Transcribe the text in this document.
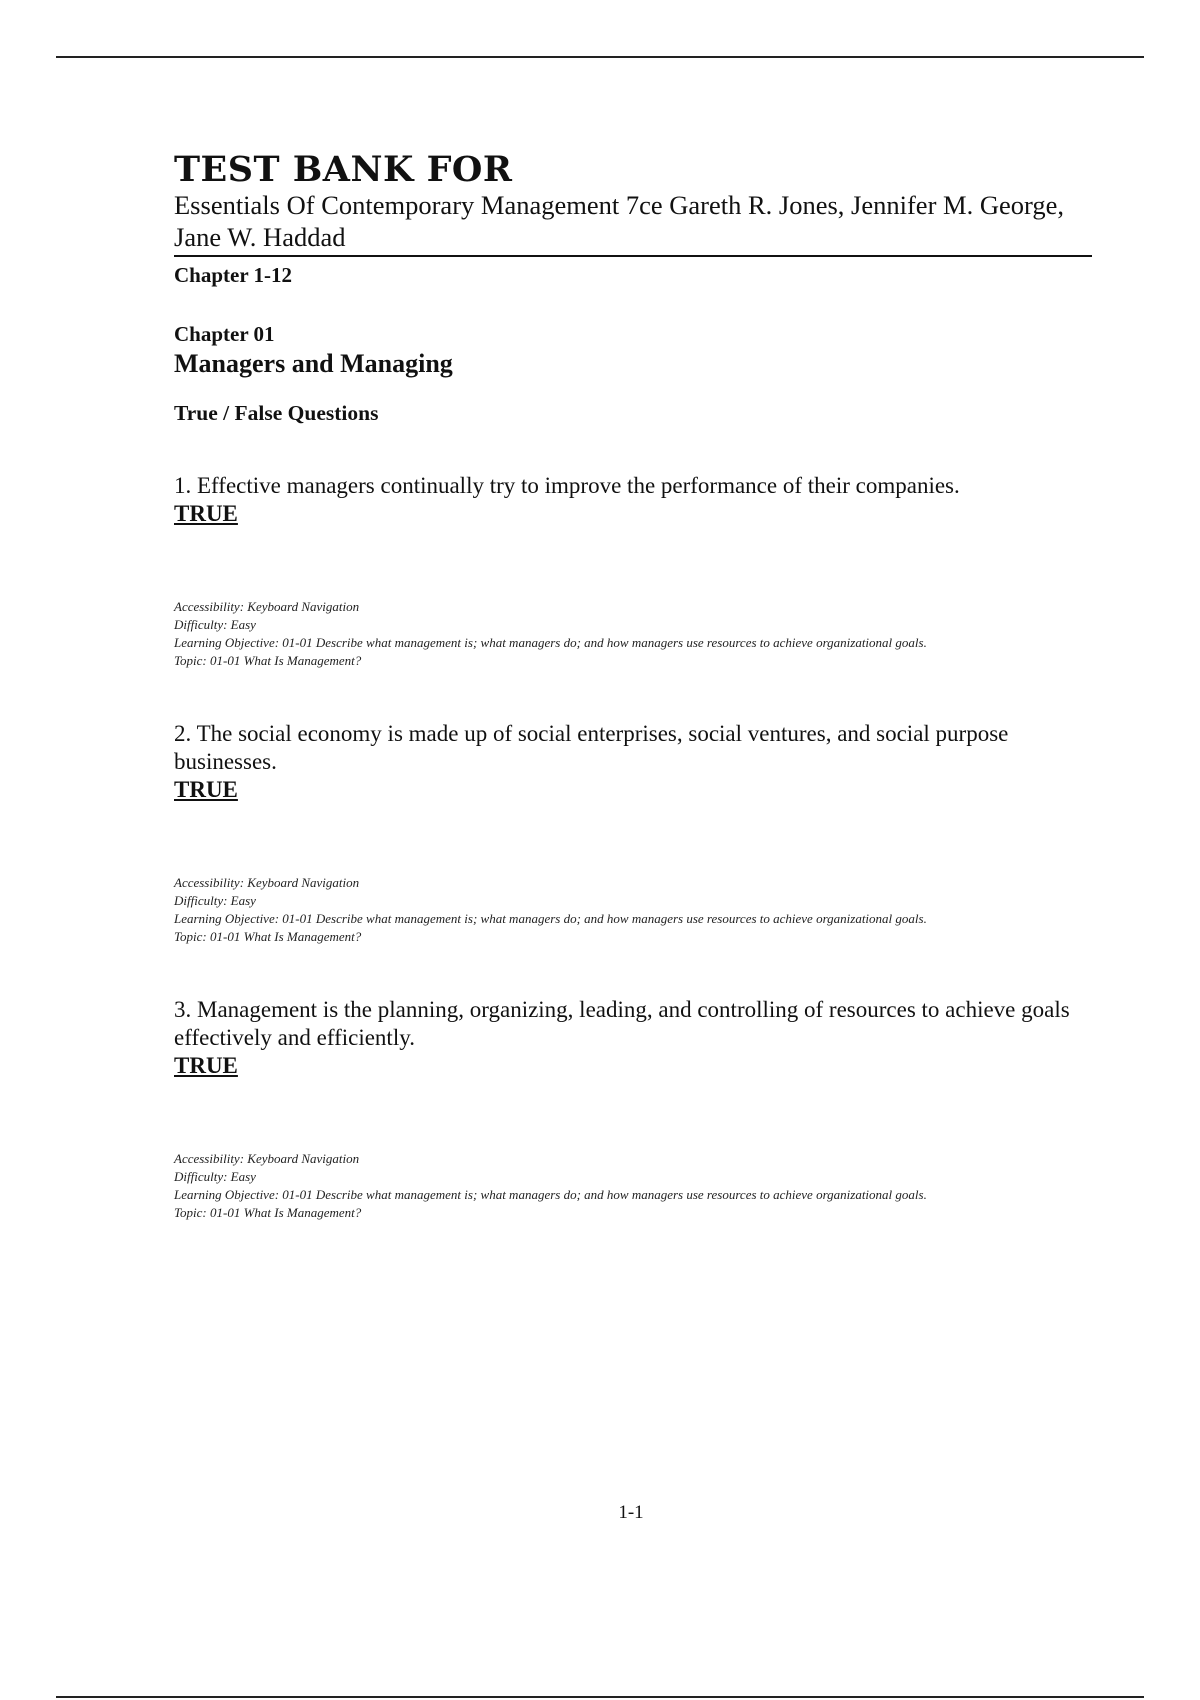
TEST BANK FOR
Essentials Of Contemporary Management 7ce Gareth R. Jones, Jennifer M. George, Jane W. Haddad
Chapter 1-12
Chapter 01
Managers and Managing
True / False Questions
1. Effective managers continually try to improve the performance of their companies.
TRUE
Accessibility: Keyboard Navigation
Difficulty: Easy
Learning Objective: 01-01 Describe what management is; what managers do; and how managers use resources to achieve organizational goals.
Topic: 01-01 What Is Management?
2. The social economy is made up of social enterprises, social ventures, and social purpose businesses.
TRUE
Accessibility: Keyboard Navigation
Difficulty: Easy
Learning Objective: 01-01 Describe what management is; what managers do; and how managers use resources to achieve organizational goals.
Topic: 01-01 What Is Management?
3. Management is the planning, organizing, leading, and controlling of resources to achieve goals effectively and efficiently.
TRUE
Accessibility: Keyboard Navigation
Difficulty: Easy
Learning Objective: 01-01 Describe what management is; what managers do; and how managers use resources to achieve organizational goals.
Topic: 01-01 What Is Management?
1-1
